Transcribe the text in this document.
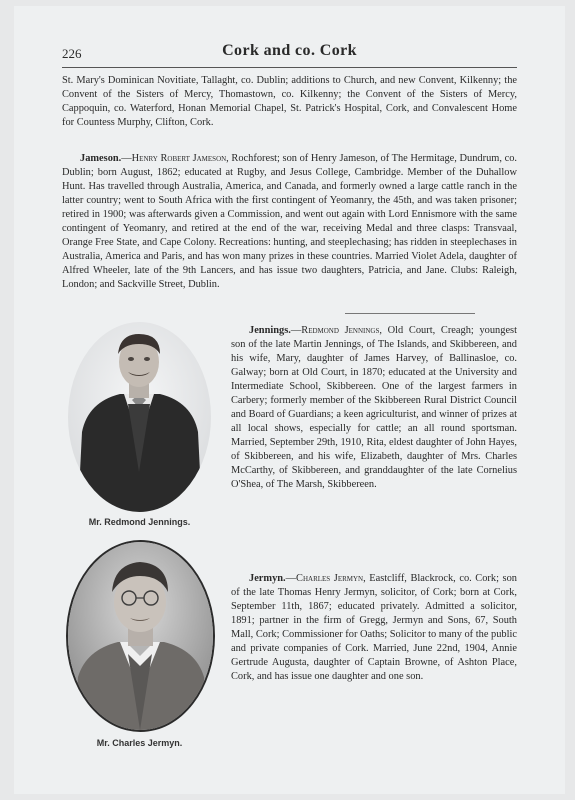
226	Cork and co. Cork

St. Mary's Dominican Novitiate, Tallaght, co. Dublin; additions to Church, and new Convent, Kilkenny; the Convent of the Sisters of Mercy, Thomastown, co. Kilkenny; the Convent of the Sisters of Mercy, Cappoquin, co. Waterford, Honan Memorial Chapel, St. Patrick's Hospital, Cork, and Convalescent Home for Countess Murphy, Clifton, Cork.

Jameson.—Henry Robert Jameson, Rochforest; son of Henry Jameson, of The Hermitage, Dundrum, co. Dublin; born August, 1862; educated at Rugby, and Jesus College, Cambridge. Member of the Duhallow Hunt. Has travelled through Australia, America, and Canada, and formerly owned a large cattle ranch in the latter country; went to South Africa with the first contingent of Yeomanry, the 45th, and was taken prisoner; retired in 1900; was afterwards given a Commission, and went out again with Lord Ennismore with the same contingent of Yeomanry, and retired at the end of the war, receiving Medal and three clasps: Transvaal, Orange Free State, and Cape Colony. Recreations: hunting, and steeplechasing; has ridden in steeplechases in Australia, America and Paris, and has won many prizes in these countries. Married Violet Adela, daughter of Alfred Wheeler, late of the 9th Lancers, and has issue two daughters, Patricia, and Jane. Clubs: Raleigh, London; and Sackville Street, Dublin.

Mr. Redmond Jennings.

Jennings.—Redmond Jennings, Old Court, Creagh; youngest son of the late Martin Jennings, of The Islands, and Skibbereen, and his wife, Mary, daughter of James Harvey, of Ballinasloe, co. Galway; born at Old Court, in 1870; educated at the University and Intermediate School, Skibbereen. One of the largest farmers in Carbery; formerly member of the Skibbereen Rural District Council and Board of Guardians; a keen agriculturist, and winner of prizes at all local shows, especially for cattle; an all round sportsman. Married, September 29th, 1910, Rita, eldest daughter of John Hayes, of Skibbereen, and his wife, Elizabeth, daughter of Mrs. Charles McCarthy, of Skibbereen, and granddaughter of the late Cornelius O'Shea, of The Marsh, Skibbereen.

Mr. Charles Jermyn.

Jermyn.—Charles Jermyn, Eastcliff, Blackrock, co. Cork; son of the late Thomas Henry Jermyn, solicitor, of Cork; born at Cork, September 11th, 1867; educated privately. Admitted a solicitor, 1891; partner in the firm of Gregg, Jermyn and Sons, 67, South Mall, Cork; Commissioner for Oaths; Solicitor to many of the public and private companies of Cork. Married, June 22nd, 1904, Annie Gertrude Augusta, daughter of Captain Browne, of Ashton Place, Cork, and has issue one daughter and one son.
